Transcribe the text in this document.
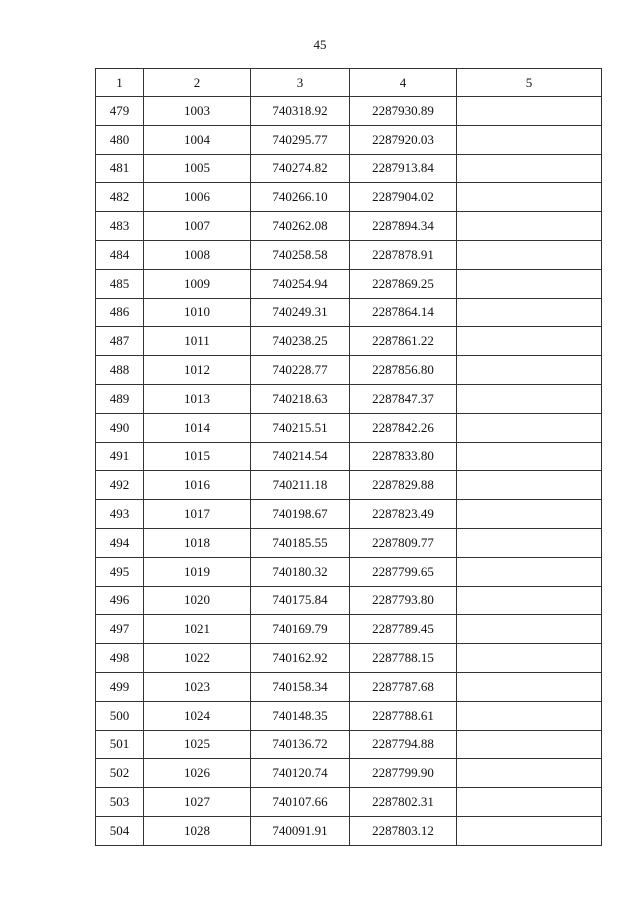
45
1	2	3	4	5
479	1003	740318.92	2287930.89	
480	1004	740295.77	2287920.03	
481	1005	740274.82	2287913.84	
482	1006	740266.10	2287904.02	
483	1007	740262.08	2287894.34	
484	1008	740258.58	2287878.91	
485	1009	740254.94	2287869.25	
486	1010	740249.31	2287864.14	
487	1011	740238.25	2287861.22	
488	1012	740228.77	2287856.80	
489	1013	740218.63	2287847.37	
490	1014	740215.51	2287842.26	
491	1015	740214.54	2287833.80	
492	1016	740211.18	2287829.88	
493	1017	740198.67	2287823.49	
494	1018	740185.55	2287809.77	
495	1019	740180.32	2287799.65	
496	1020	740175.84	2287793.80	
497	1021	740169.79	2287789.45	
498	1022	740162.92	2287788.15	
499	1023	740158.34	2287787.68	
500	1024	740148.35	2287788.61	
501	1025	740136.72	2287794.88	
502	1026	740120.74	2287799.90	
503	1027	740107.66	2287802.31	
504	1028	740091.91	2287803.12	
